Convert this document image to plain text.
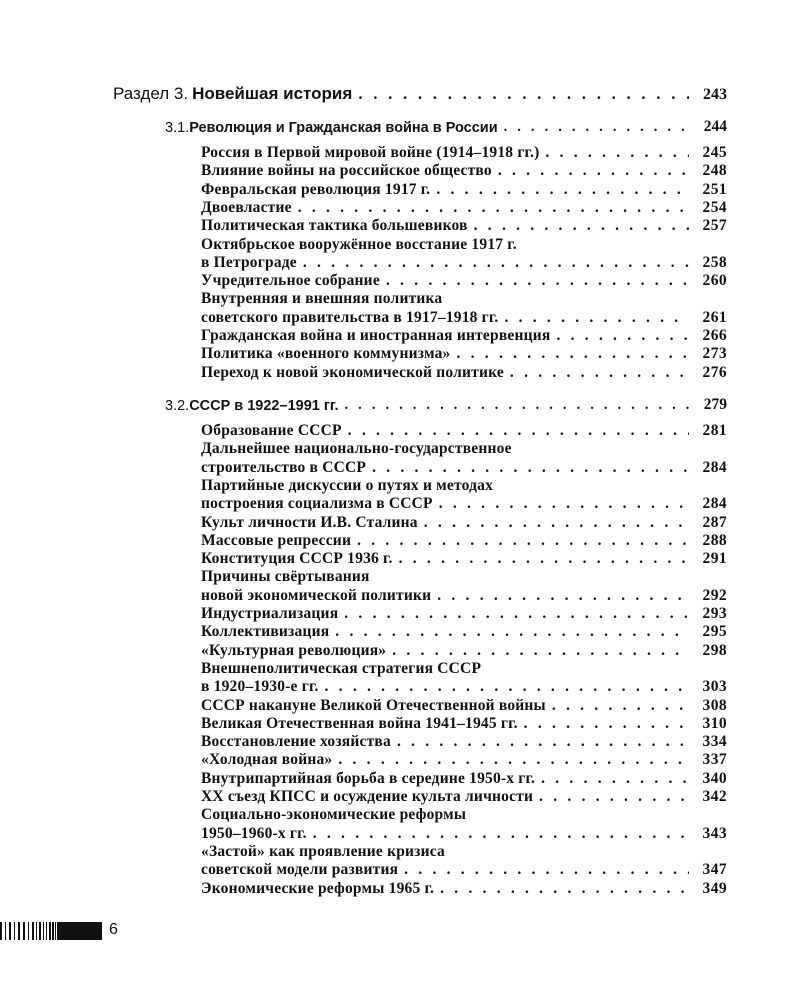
Раздел 3. Новейшая история . . .	243
3.1. Революция и Гражданская война в России . . .	244
Россия в Первой мировой войне (1914–1918 гг.) . . .	245
Влияние войны на российское общество . . .	248
Февральская революция 1917 г. . . .	251
Двоевластие . . .	254
Политическая тактика большевиков . . .	257
Октябрьское вооружённое восстание 1917 г.
в Петрограде . . .	258
Учредительное собрание . . .	260
Внутренняя и внешняя политика
советского правительства в 1917–1918 гг. . . .	261
Гражданская война и иностранная интервенция . . .	266
Политика «военного коммунизма» . . .	273
Переход к новой экономической политике . . .	276
3.2. СССР в 1922–1991 гг. . . .	279
Образование СССР . . .	281
Дальнейшее национально-государственное
строительство в СССР . . .	284
Партийные дискуссии о путях и методах
построения социализма в СССР . . .	284
Культ личности И.В. Сталина . . .	287
Массовые репрессии . . .	288
Конституция СССР 1936 г. . . .	291
Причины свёртывания
новой экономической политики . . .	292
Индустриализация . . .	293
Коллективизация . . .	295
«Культурная революция» . . .	298
Внешнеполитическая стратегия СССР
в 1920–1930-е гг. . . .	303
СССР накануне Великой Отечественной войны . . .	308
Великая Отечественная война 1941–1945 гг. . . .	310
Восстановление хозяйства . . .	334
«Холодная война» . . .	337
Внутрипартийная борьба в середине 1950-х гг. . . .	340
XX съезд КПСС и осуждение культа личности . . .	342
Социально-экономические реформы
1950–1960-х гг. . . .	343
«Застой» как проявление кризиса
советской модели развития . . .	347
Экономические реформы 1965 г. . . .	349
6
